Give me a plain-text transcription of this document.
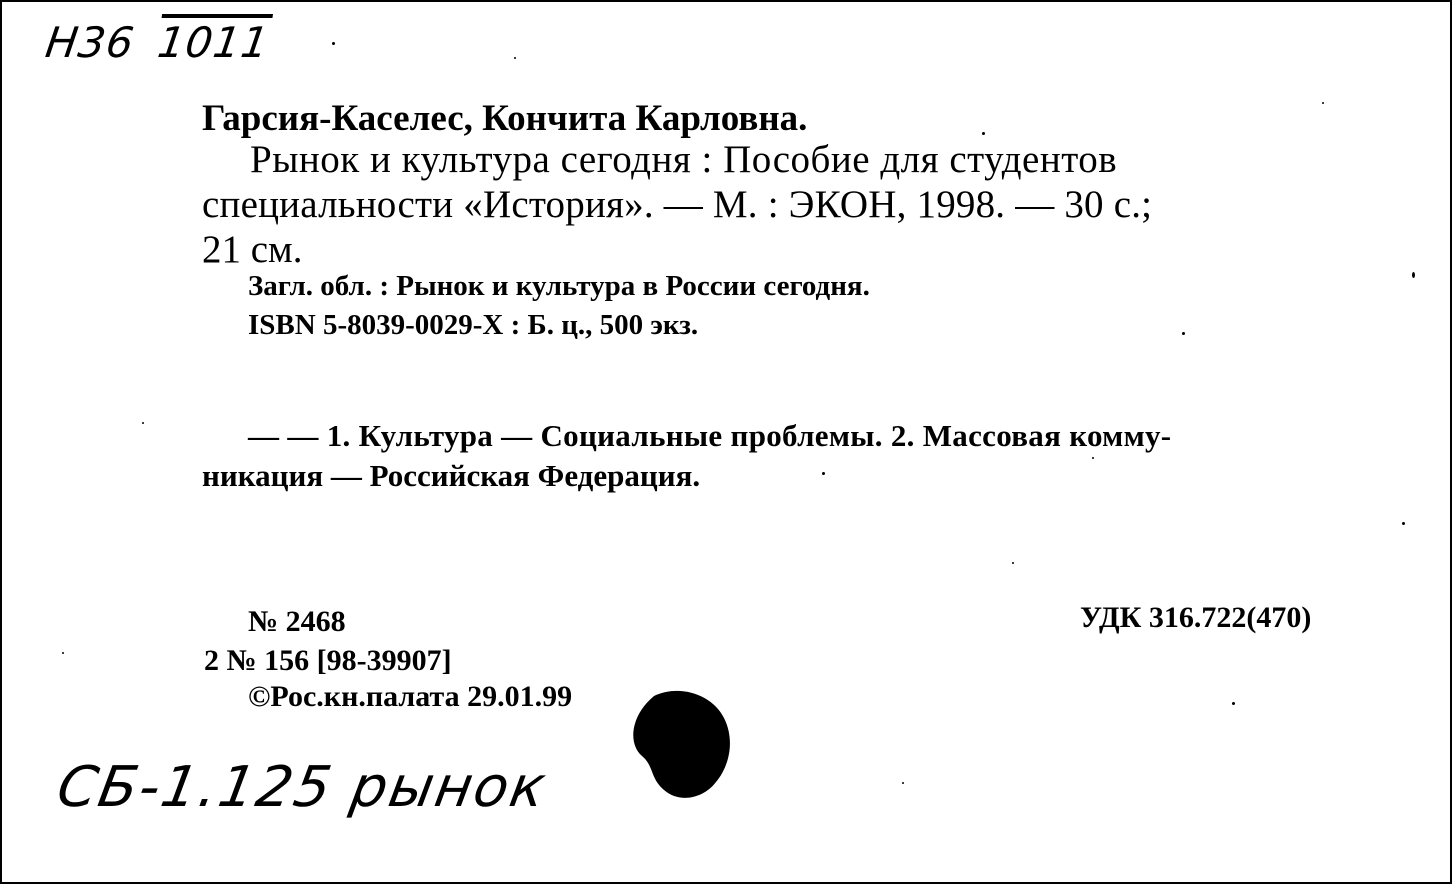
Н36 1011
Гарсия-Каселес, Кончита Карловна.
Рынок и культура сегодня : Пособие для студентов
специальности «История». — М. : ЭКОН, 1998. — 30 с.;
21 см.
Загл. обл. : Рынок и культура в России сегодня.
ISBN 5-8039-0029-Х : Б. ц., 500 экз.
— — 1. Культура — Социальные проблемы. 2. Массовая комму-
никация — Российская Федерация.
№ 2468	УДК 316.722(470)
2 № 156 [98-39907]
©Рос.кн.палата 29.01.99
СБ-1.125 рынок
